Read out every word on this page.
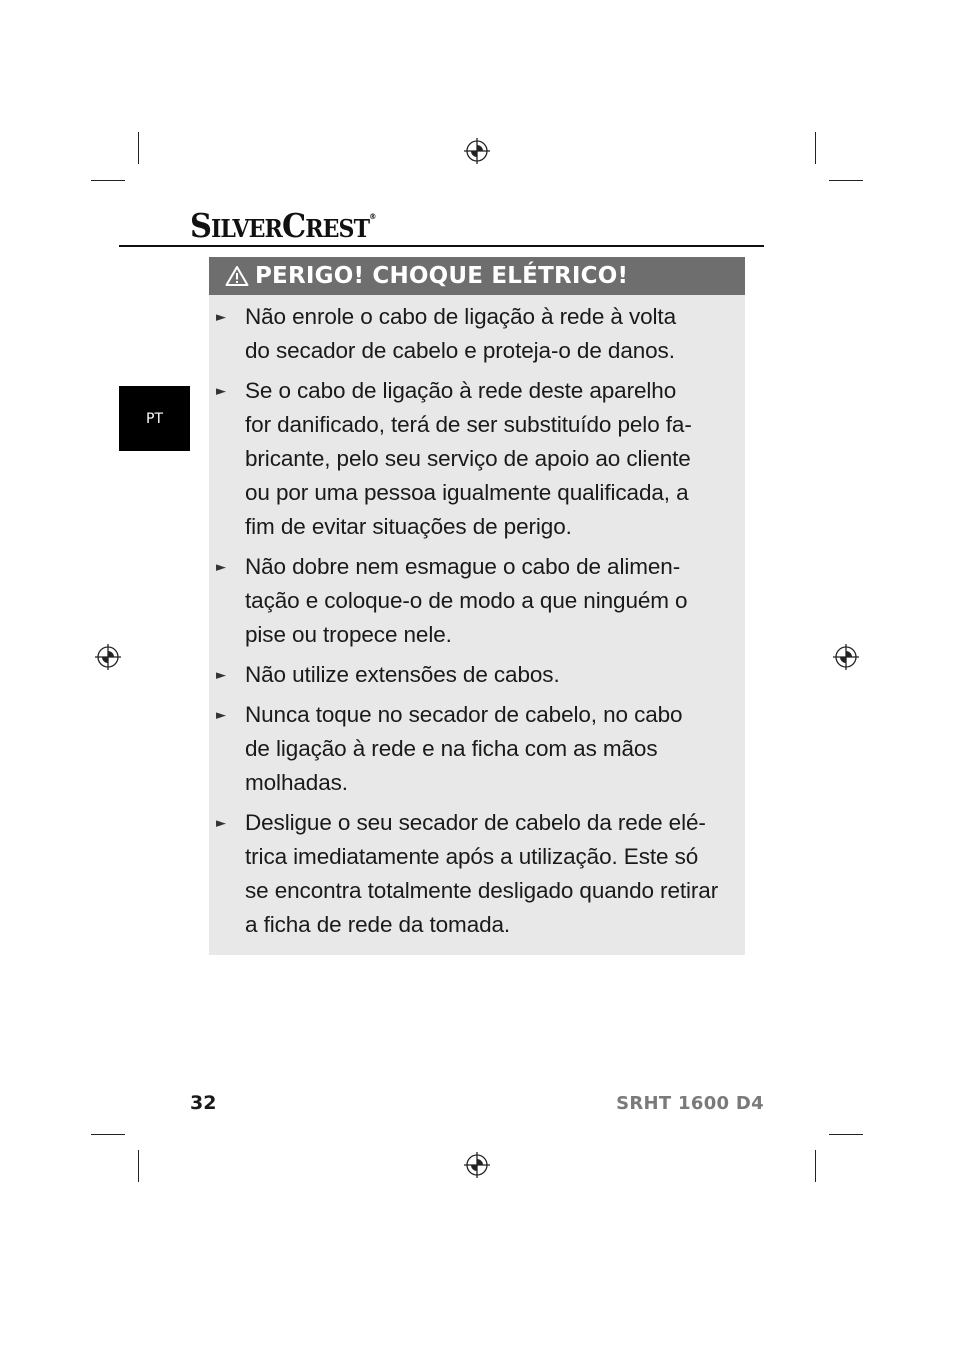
SILVERCREST®
PT
PERIGO! CHOQUE ELÉTRICO!
► Não enrole o cabo de ligação à rede à volta
do secador de cabelo e proteja-o de danos.
► Se o cabo de ligação à rede deste aparelho
for danificado, terá de ser substituído pelo fa-
bricante, pelo seu serviço de apoio ao cliente
ou por uma pessoa igualmente qualificada, a
fim de evitar situações de perigo.
► Não dobre nem esmague o cabo de alimen-
tação e coloque-o de modo a que ninguém o
pise ou tropece nele.
► Não utilize extensões de cabos.
► Nunca toque no secador de cabelo, no cabo
de ligação à rede e na ficha com as mãos
molhadas.
► Desligue o seu secador de cabelo da rede elé-
trica imediatamente após a utilização. Este só
se encontra totalmente desligado quando retirar
a ficha de rede da tomada.
32	SRHT 1600 D4
